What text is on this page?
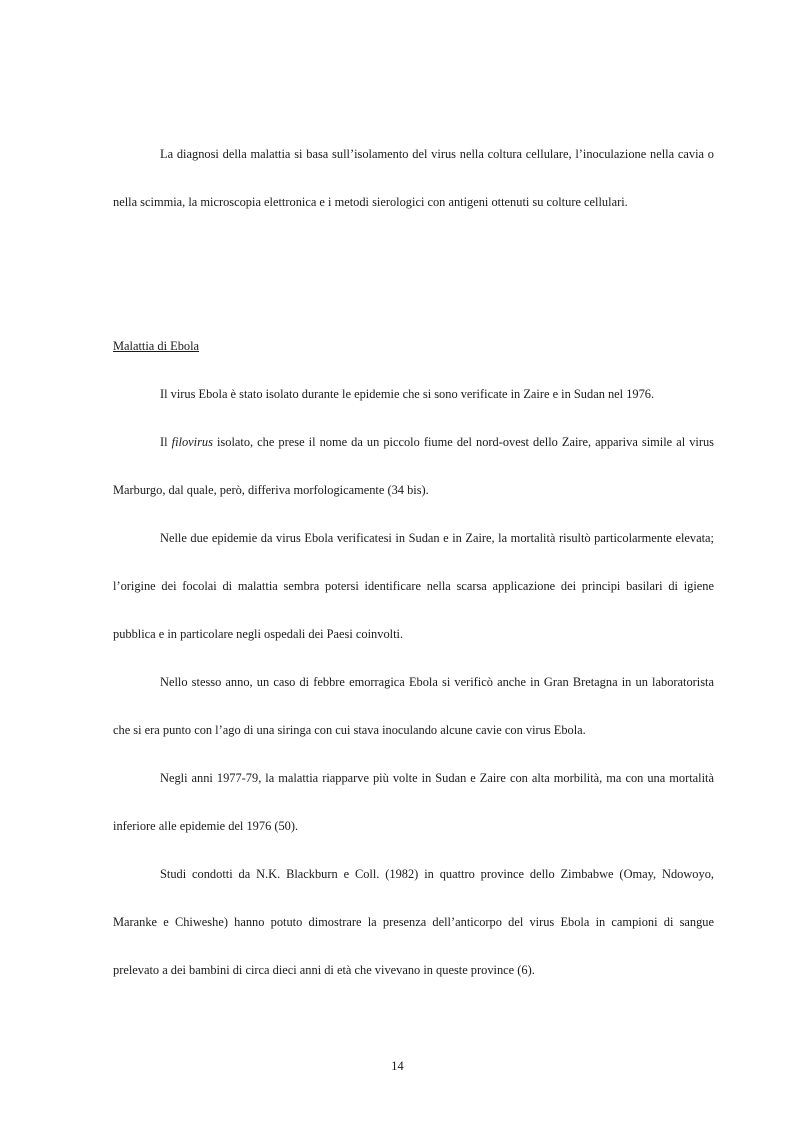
La diagnosi della malattia si basa sull’isolamento del virus nella coltura cellulare, l’inoculazione nella cavia o nella scimmia, la microscopia elettronica e i metodi sierologici con antigeni ottenuti su colture cellulari.

Malattia di Ebola

Il virus Ebola è stato isolato durante le epidemie che si sono verificate in Zaire e in Sudan nel 1976.

Il filovirus isolato, che prese il nome da un piccolo fiume del nord-ovest dello Zaire, appariva simile al virus Marburgo, dal quale, però, differiva morfologicamente (34 bis).

Nelle due epidemie da virus Ebola verificatesi in Sudan e in Zaire, la mortalità risultò particolarmente elevata; l’origine dei focolai di malattia sembra potersi identificare nella scarsa applicazione dei principi basilari di igiene pubblica e in particolare negli ospedali dei Paesi coinvolti.

Nello stesso anno, un caso di febbre emorragica Ebola si verificò anche in Gran Bretagna in un laboratorista che si era punto con l’ago di una siringa con cui stava inoculando alcune cavie con virus Ebola.

Negli anni 1977-79, la malattia riapparve più volte in Sudan e Zaire con alta morbilità, ma con una mortalità inferiore alle epidemie del 1976 (50).

Studi condotti da N.K. Blackburn e Coll. (1982) in quattro province dello Zimbabwe (Omay, Ndowoyo, Maranke e Chiweshe) hanno potuto dimostrare la presenza dell’anticorpo del virus Ebola in campioni di sangue prelevato a dei bambini di circa dieci anni di età che vivevano in queste province (6).

14
